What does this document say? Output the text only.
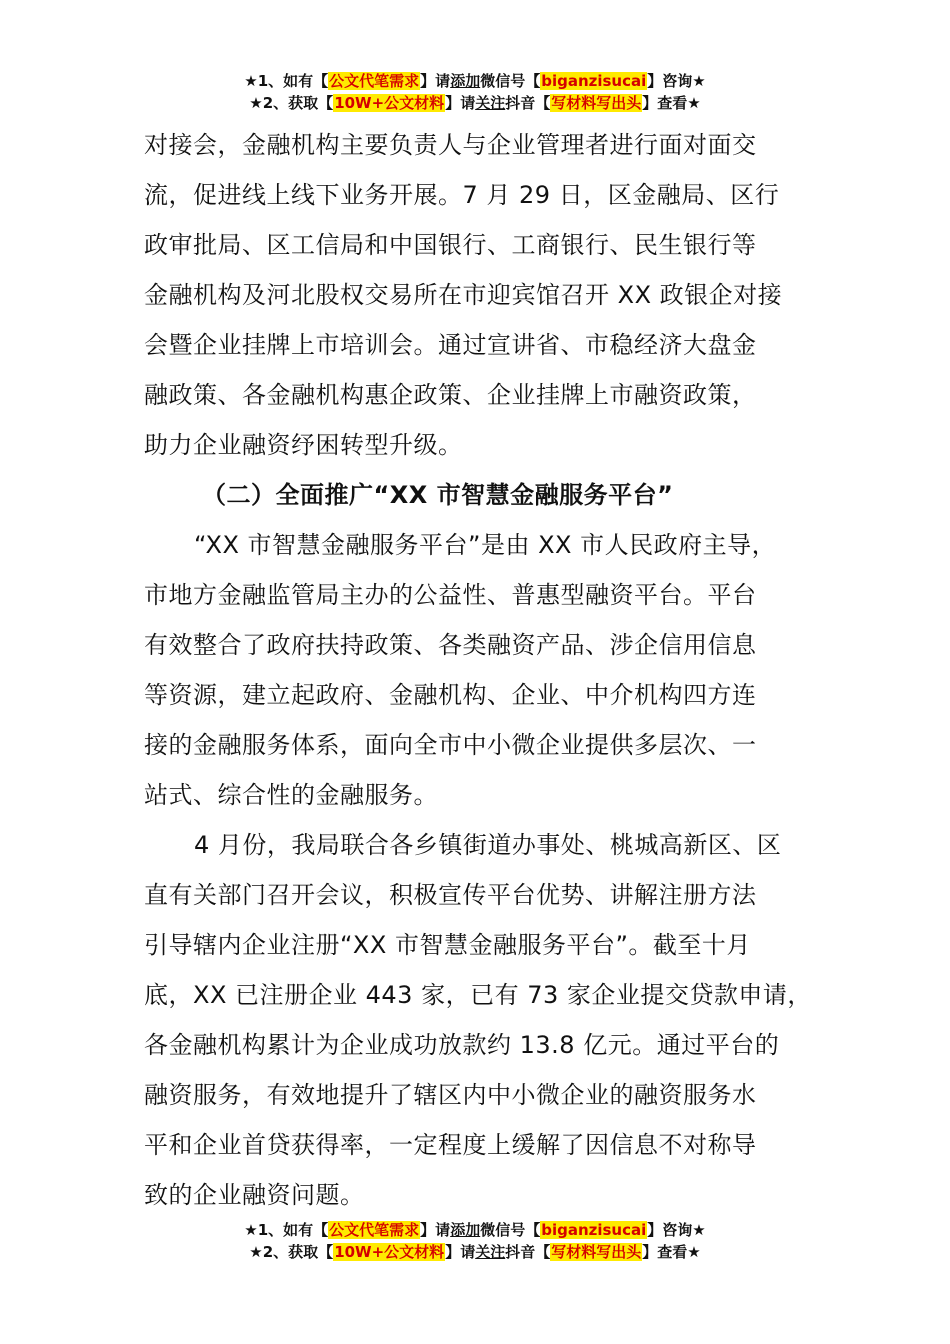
★1、如有【公文代笔需求】请添加微信号【biganzisucai】咨询★
★2、获取【10W+公文材料】请关注抖音【写材料写出头】查看★
对接会，金融机构主要负责人与企业管理者进行面对面交
流，促进线上线下业务开展。7 月 29 日，区金融局、区行
政审批局、区工信局和中国银行、工商银行、民生银行等
金融机构及河北股权交易所在市迎宾馆召开 XX 政银企对接
会暨企业挂牌上市培训会。通过宣讲省、市稳经济大盘金
融政策、各金融机构惠企政策、企业挂牌上市融资政策，
助力企业融资纾困转型升级。
（二）全面推广“XX 市智慧金融服务平台”
“XX 市智慧金融服务平台”是由 XX 市人民政府主导，
市地方金融监管局主办的公益性、普惠型融资平台。平台
有效整合了政府扶持政策、各类融资产品、涉企信用信息
等资源，建立起政府、金融机构、企业、中介机构四方连
接的金融服务体系，面向全市中小微企业提供多层次、一
站式、综合性的金融服务。
4 月份，我局联合各乡镇街道办事处、桃城高新区、区
直有关部门召开会议，积极宣传平台优势、讲解注册方法
引导辖内企业注册“XX 市智慧金融服务平台”。截至十月
底，XX 已注册企业 443 家，已有 73 家企业提交贷款申请，
各金融机构累计为企业成功放款约 13.8 亿元。通过平台的
融资服务，有效地提升了辖区内中小微企业的融资服务水
平和企业首贷获得率，一定程度上缓解了因信息不对称导
致的企业融资问题。
★1、如有【公文代笔需求】请添加微信号【biganzisucai】咨询★
★2、获取【10W+公文材料】请关注抖音【写材料写出头】查看★
